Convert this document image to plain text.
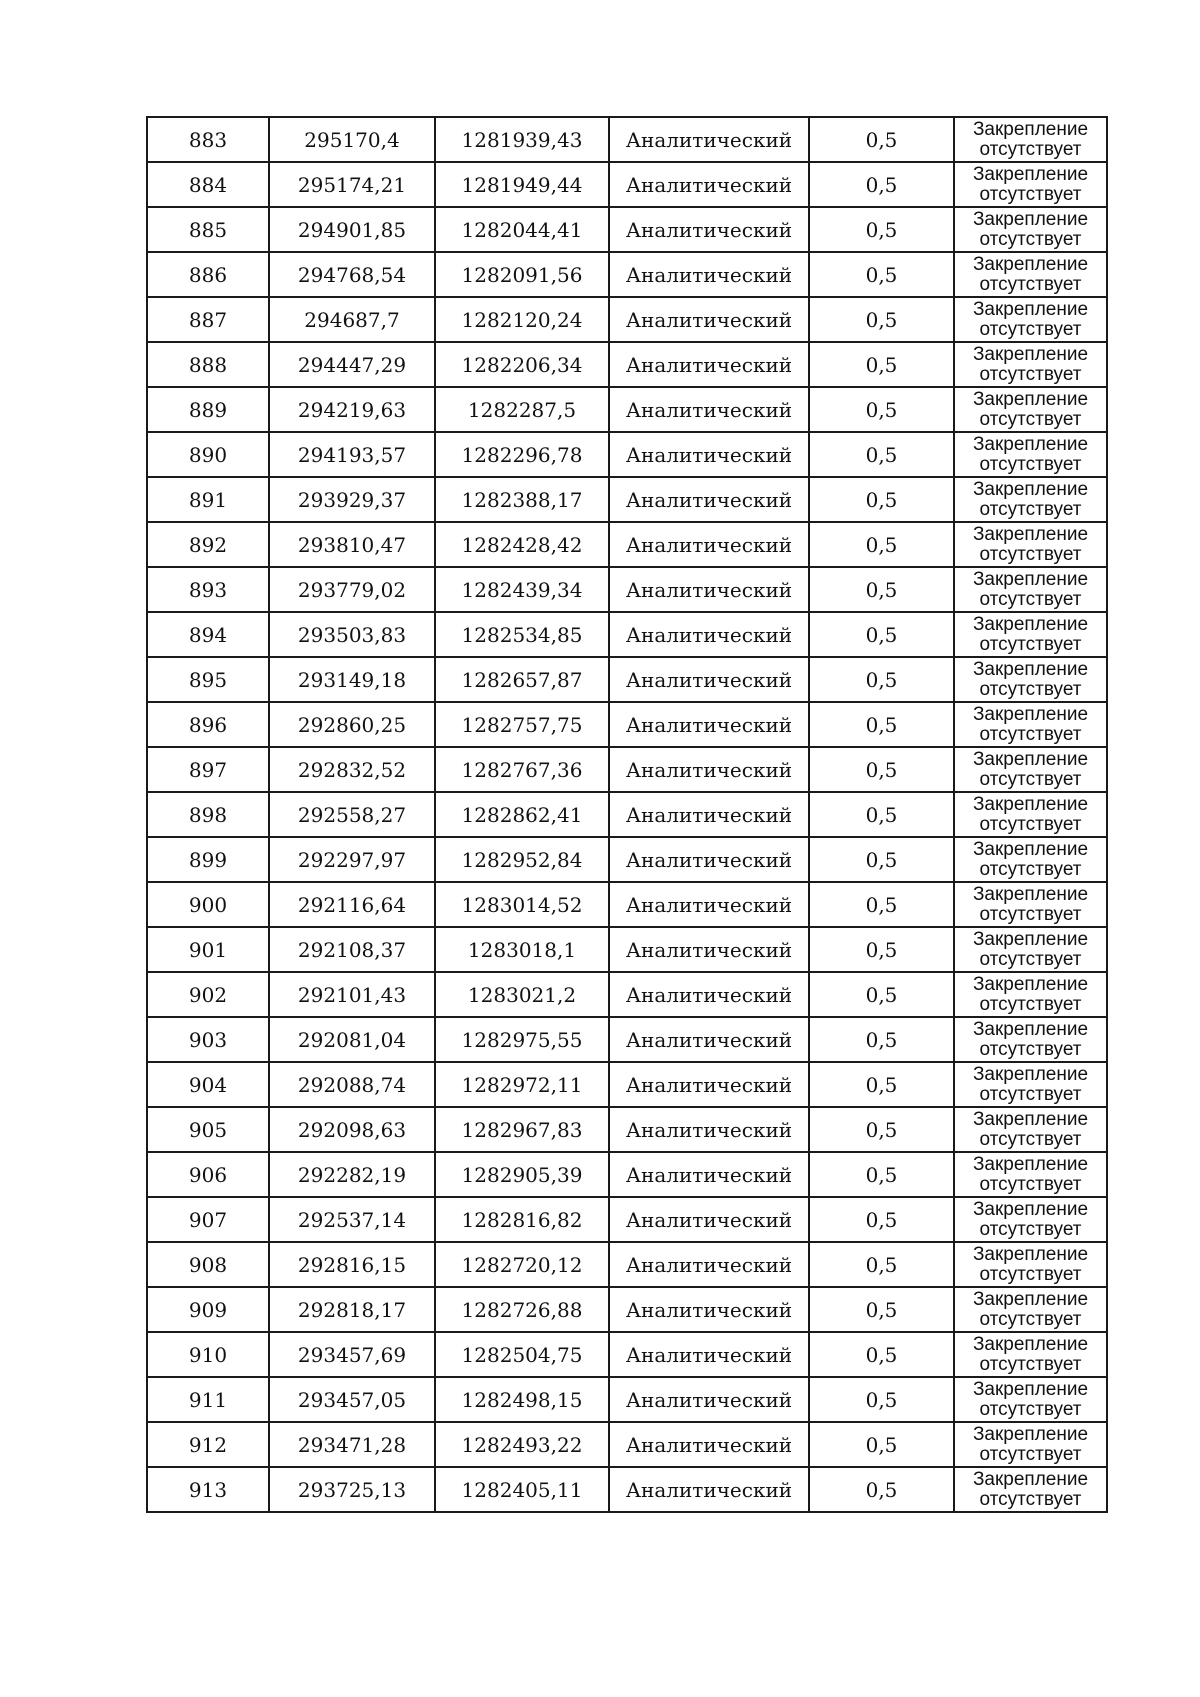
883	295170,4	1281939,43	Аналитический	0,5	Закрепление
отсутствует

884	295174,21	1281949,44	Аналитический	0,5	Закрепление
отсутствует

885	294901,85	1282044,41	Аналитический	0,5	Закрепление
отсутствует

886	294768,54	1282091,56	Аналитический	0,5	Закрепление
отсутствует

887	294687,7	1282120,24	Аналитический	0,5	Закрепление
отсутствует

888	294447,29	1282206,34	Аналитический	0,5	Закрепление
отсутствует

889	294219,63	1282287,5	Аналитический	0,5	Закрепление
отсутствует

890	294193,57	1282296,78	Аналитический	0,5	Закрепление
отсутствует

891	293929,37	1282388,17	Аналитический	0,5	Закрепление
отсутствует

892	293810,47	1282428,42	Аналитический	0,5	Закрепление
отсутствует

893	293779,02	1282439,34	Аналитический	0,5	Закрепление
отсутствует

894	293503,83	1282534,85	Аналитический	0,5	Закрепление
отсутствует

895	293149,18	1282657,87	Аналитический	0,5	Закрепление
отсутствует

896	292860,25	1282757,75	Аналитический	0,5	Закрепление
отсутствует

897	292832,52	1282767,36	Аналитический	0,5	Закрепление
отсутствует

898	292558,27	1282862,41	Аналитический	0,5	Закрепление
отсутствует

899	292297,97	1282952,84	Аналитический	0,5	Закрепление
отсутствует

900	292116,64	1283014,52	Аналитический	0,5	Закрепление
отсутствует

901	292108,37	1283018,1	Аналитический	0,5	Закрепление
отсутствует

902	292101,43	1283021,2	Аналитический	0,5	Закрепление
отсутствует

903	292081,04	1282975,55	Аналитический	0,5	Закрепление
отсутствует

904	292088,74	1282972,11	Аналитический	0,5	Закрепление
отсутствует

905	292098,63	1282967,83	Аналитический	0,5	Закрепление
отсутствует

906	292282,19	1282905,39	Аналитический	0,5	Закрепление
отсутствует

907	292537,14	1282816,82	Аналитический	0,5	Закрепление
отсутствует

908	292816,15	1282720,12	Аналитический	0,5	Закрепление
отсутствует

909	292818,17	1282726,88	Аналитический	0,5	Закрепление
отсутствует

910	293457,69	1282504,75	Аналитический	0,5	Закрепление
отсутствует

911	293457,05	1282498,15	Аналитический	0,5	Закрепление
отсутствует

912	293471,28	1282493,22	Аналитический	0,5	Закрепление
отсутствует

913	293725,13	1282405,11	Аналитический	0,5	Закрепление
отсутствует
